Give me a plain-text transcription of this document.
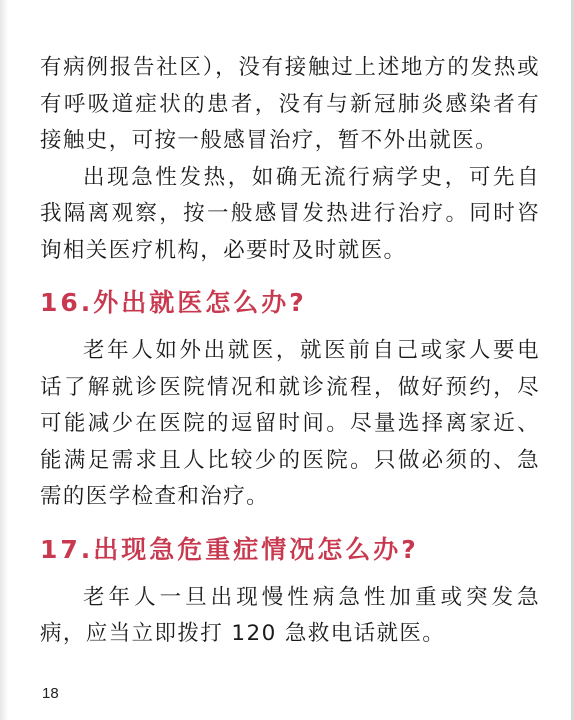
有病例报告社区），没有接触过上述地方的发热或有呼吸道症状的患者，没有与新冠肺炎感染者有接触史，可按一般感冒治疗，暂不外出就医。

出现急性发热，如确无流行病学史，可先自我隔离观察，按一般感冒发热进行治疗。同时咨询相关医疗机构，必要时及时就医。

16.外出就医怎么办?

老年人如外出就医，就医前自己或家人要电话了解就诊医院情况和就诊流程，做好预约，尽可能减少在医院的逗留时间。尽量选择离家近、能满足需求且人比较少的医院。只做必须的、急需的医学检查和治疗。

17.出现急危重症情况怎么办?

老年人一旦出现慢性病急性加重或突发急病，应当立即拨打 120 急救电话就医。

18
